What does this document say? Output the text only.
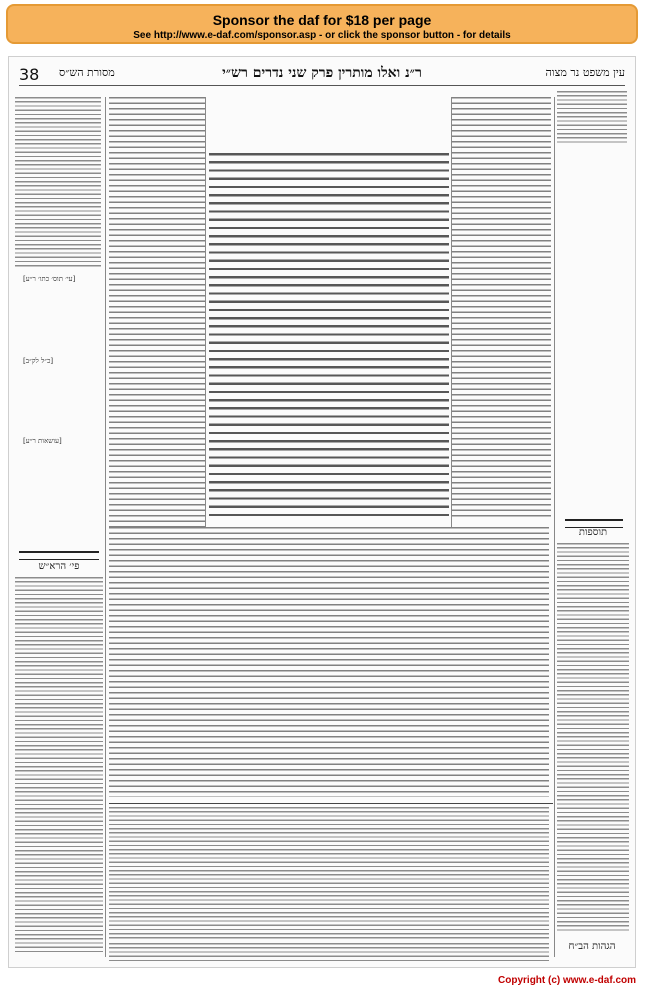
Sponsor the daf for $18 per page
See http://www.e-daf.com/sponsor.asp - or click the sponsor button - for details
38 מסורת הש״ס	ר״נ ואלו מותרין פרק שני נדרים רש״י	עין משפט נר מצוה
[עי׳ תוס׳ כתו׳ ר״ע]
[כ״ל לק״ב]
[עושאות ר״ע]
תוספות
פי׳ הרא״ש
הגהות הב״ח
Copyright (c) www.e-daf.com
